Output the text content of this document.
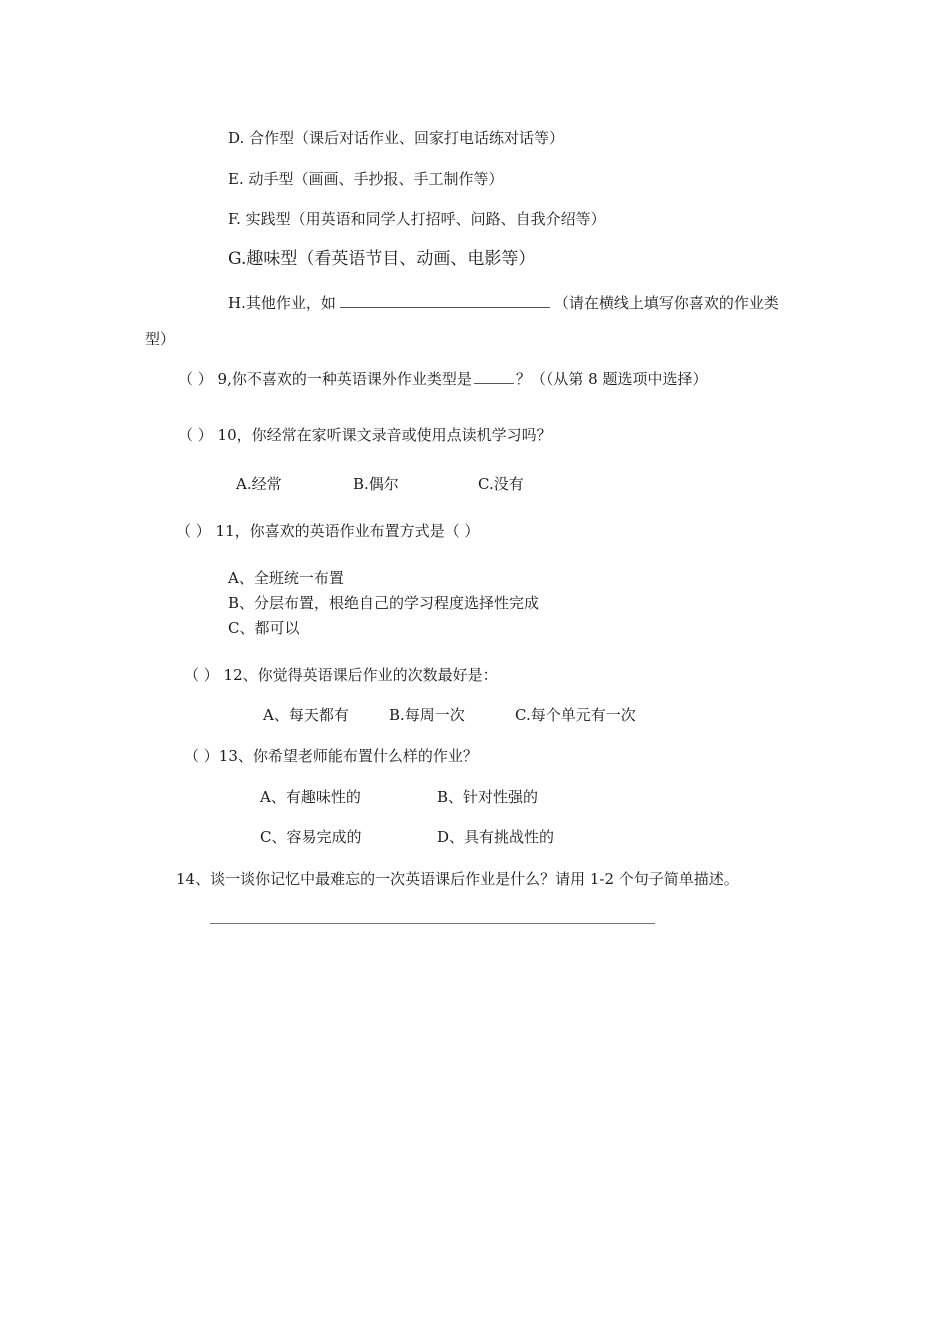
D. 合作型（课后对话作业、回家打电话练对话等）
E. 动手型（画画、手抄报、手工制作等）
F. 实践型（用英语和同学人打招呼、问路、自我介绍等）
G.趣味型（看英语节目、动画、电影等）
H.其他作业，如	（请在横线上填写你喜欢的作业类
型）
（ ） 9,你不喜欢的一种英语课外作业类型是	？（（从第 8 题选项中选择）
（ ） 10，你经常在家听课文录音或使用点读机学习吗？
A.经常	B.偶尔	C.没有
（ ） 11，你喜欢的英语作业布置方式是（ ）
A、全班统一布置
B、分层布置，根绝自己的学习程度选择性完成
C、都可以
（ ） 12、你觉得英语课后作业的次数最好是：
A、每天都有	B.每周一次	C.每个单元有一次
（ ）13、你希望老师能布置什么样的作业？
A、有趣味性的	B、针对性强的
C、容易完成的	D、具有挑战性的
14、谈一谈你记忆中最难忘的一次英语课后作业是什么？请用 1-2 个句子简单描述。
